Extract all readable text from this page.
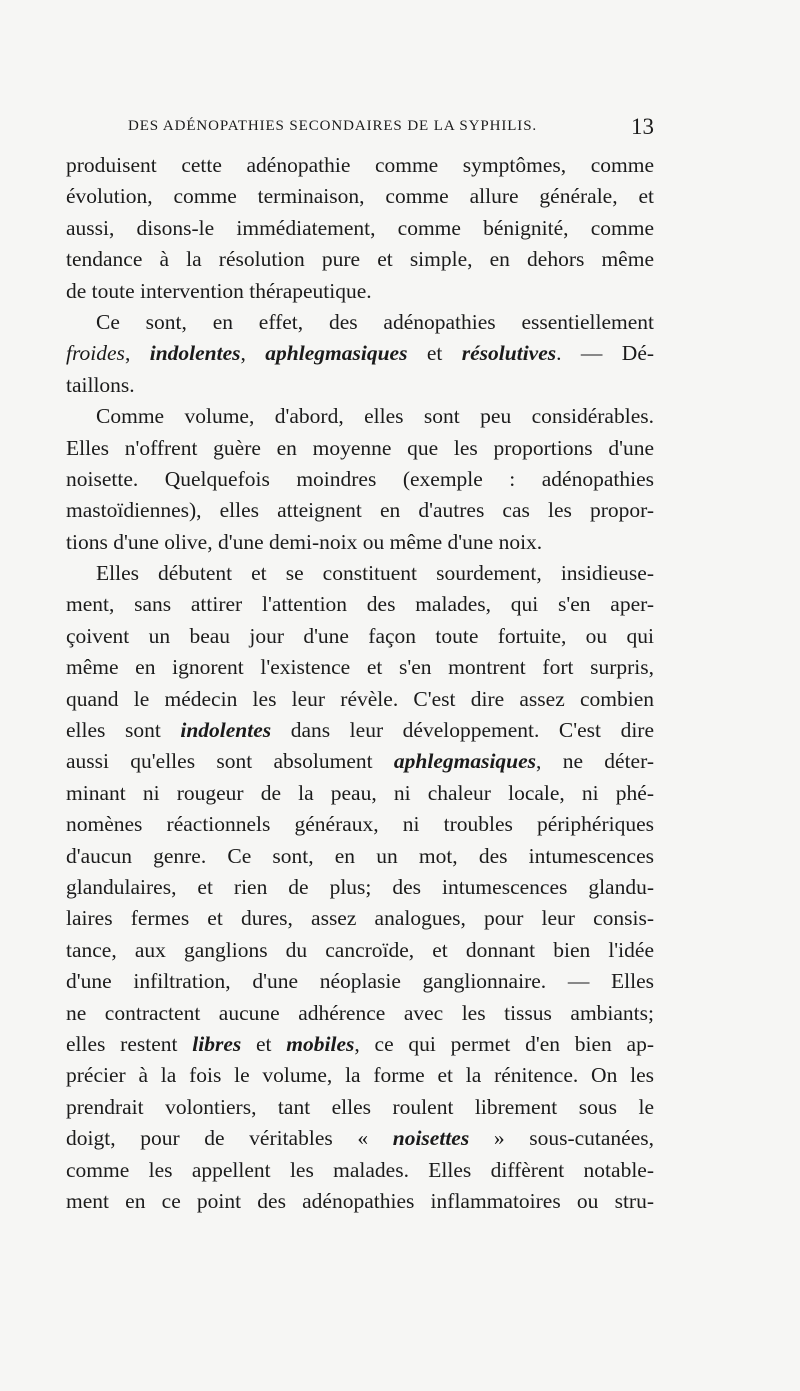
DES ADÉNOPATHIES SECONDAIRES DE LA SYPHILIS.	13
produisent cette adénopathie comme symptômes, comme
évolution, comme terminaison, comme allure générale, et
aussi, disons-le immédiatement, comme bénignité, comme
tendance à la résolution pure et simple, en dehors même
de toute intervention thérapeutique.
Ce sont, en effet, des adénopathies essentiellement
froides, indolentes, aphlegmasiques et résolutives. — Dé-
taillons.
Comme volume, d'abord, elles sont peu considérables.
Elles n'offrent guère en moyenne que les proportions d'une
noisette. Quelquefois moindres (exemple : adénopathies
mastoïdiennes), elles atteignent en d'autres cas les propor-
tions d'une olive, d'une demi-noix ou même d'une noix.
Elles débutent et se constituent sourdement, insidieuse-
ment, sans attirer l'attention des malades, qui s'en aper-
çoivent un beau jour d'une façon toute fortuite, ou qui
même en ignorent l'existence et s'en montrent fort surpris,
quand le médecin les leur révèle. C'est dire assez combien
elles sont indolentes dans leur développement. C'est dire
aussi qu'elles sont absolument aphlegmasiques, ne déter-
minant ni rougeur de la peau, ni chaleur locale, ni phé-
nomènes réactionnels généraux, ni troubles périphériques
d'aucun genre. Ce sont, en un mot, des intumescences
glandulaires, et rien de plus; des intumescences glandu-
laires fermes et dures, assez analogues, pour leur consis-
tance, aux ganglions du cancroïde, et donnant bien l'idée
d'une infiltration, d'une néoplasie ganglionnaire. — Elles
ne contractent aucune adhérence avec les tissus ambiants;
elles restent libres et mobiles, ce qui permet d'en bien ap-
précier à la fois le volume, la forme et la rénitence. On les
prendrait volontiers, tant elles roulent librement sous le
doigt, pour de véritables « noisettes » sous-cutanées,
comme les appellent les malades. Elles diffèrent notable-
ment en ce point des adénopathies inflammatoires ou stru-
